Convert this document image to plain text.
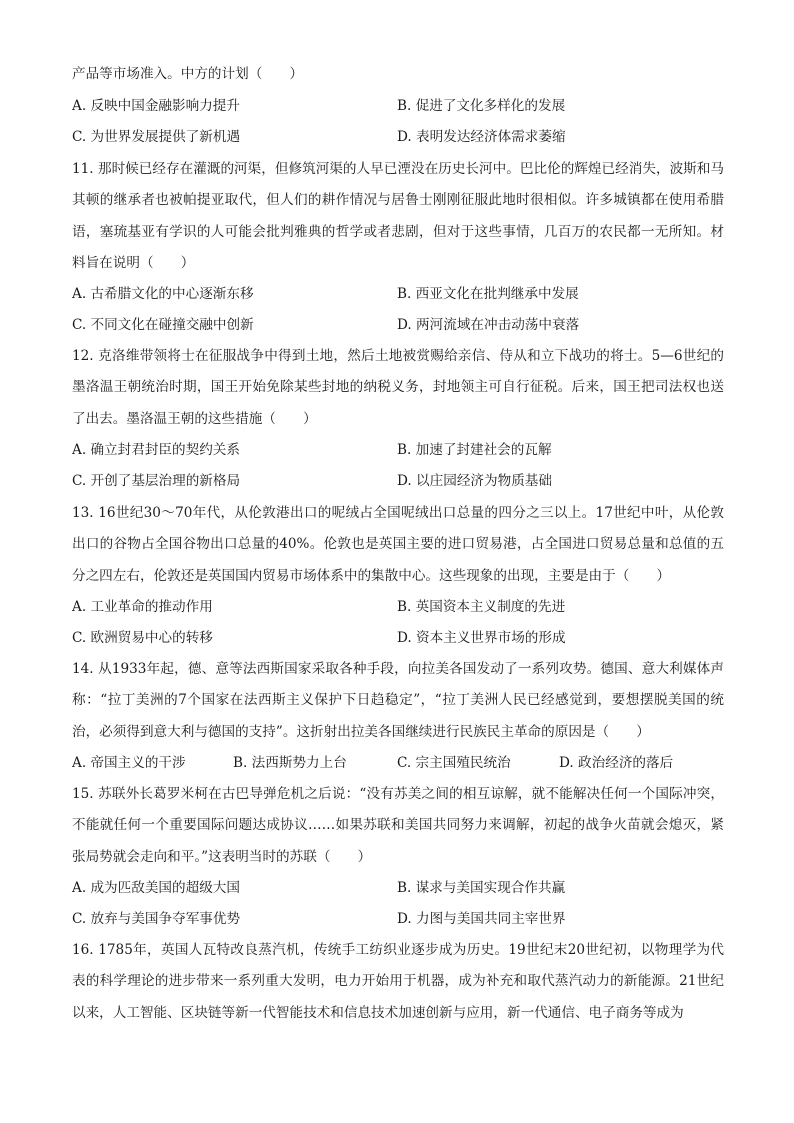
产品等市场准入。中方的计划（　　）

A. 反映中国金融影响力提升	B. 促进了文化多样化的发展
C. 为世界发展提供了新机遇	D. 表明发达经济体需求萎缩

11. 那时候已经存在灌溉的河渠，但修筑河渠的人早已湮没在历史长河中。巴比伦的辉煌已经消失，波斯和马其顿的继承者也被帕提亚取代，但人们的耕作情况与居鲁士刚刚征服此地时很相似。许多城镇都在使用希腊语，塞琉基亚有学识的人可能会批判雅典的哲学或者悲剧，但对于这些事情，几百万的农民都一无所知。材料旨在说明（　　）

A. 古希腊文化的中心逐渐东移	B. 西亚文化在批判继承中发展
C. 不同文化在碰撞交融中创新	D. 两河流域在冲击动荡中衰落

12. 克洛维带领将士在征服战争中得到土地，然后土地被赏赐给亲信、侍从和立下战功的将士。5—6世纪的墨洛温王朝统治时期，国王开始免除某些封地的纳税义务，封地领主可自行征税。后来，国王把司法权也送了出去。墨洛温王朝的这些措施（　　）

A. 确立封君封臣的契约关系	B. 加速了封建社会的瓦解
C. 开创了基层治理的新格局	D. 以庄园经济为物质基础

13. 16世纪30～70年代，从伦敦港出口的呢绒占全国呢绒出口总量的四分之三以上。17世纪中叶，从伦敦出口的谷物占全国谷物出口总量的40%。伦敦也是英国主要的进口贸易港，占全国进口贸易总量和总值的五分之四左右，伦敦还是英国国内贸易市场体系中的集散中心。这些现象的出现，主要是由于（　　）

A. 工业革命的推动作用	B. 英国资本主义制度的先进
C. 欧洲贸易中心的转移	D. 资本主义世界市场的形成

14. 从1933年起，德、意等法西斯国家采取各种手段，向拉美各国发动了一系列攻势。德国、意大利媒体声称：“拉丁美洲的7个国家在法西斯主义保护下日趋稳定”，“拉丁美洲人民已经感觉到，要想摆脱美国的统治，必须得到意大利与德国的支持”。这折射出拉美各国继续进行民族民主革命的原因是（　　）

A. 帝国主义的干涉	B. 法西斯势力上台	C. 宗主国殖民统治	D. 政治经济的落后

15. 苏联外长葛罗米柯在古巴导弹危机之后说：“没有苏美之间的相互谅解，就不能解决任何一个国际冲突，不能就任何一个重要国际问题达成协议……如果苏联和美国共同努力来调解，初起的战争火苗就会熄灭，紧张局势就会走向和平。”这表明当时的苏联（　　）

A. 成为匹敌美国的超级大国	B. 谋求与美国实现合作共赢
C. 放弃与美国争夺军事优势	D. 力图与美国共同主宰世界

16. 1785年，英国人瓦特改良蒸汽机，传统手工纺织业逐步成为历史。19世纪末20世纪初，以物理学为代表的科学理论的进步带来一系列重大发明，电力开始用于机器，成为补充和取代蒸汽动力的新能源。21世纪以来，人工智能、区块链等新一代智能技术和信息技术加速创新与应用，新一代通信、电子商务等成为
